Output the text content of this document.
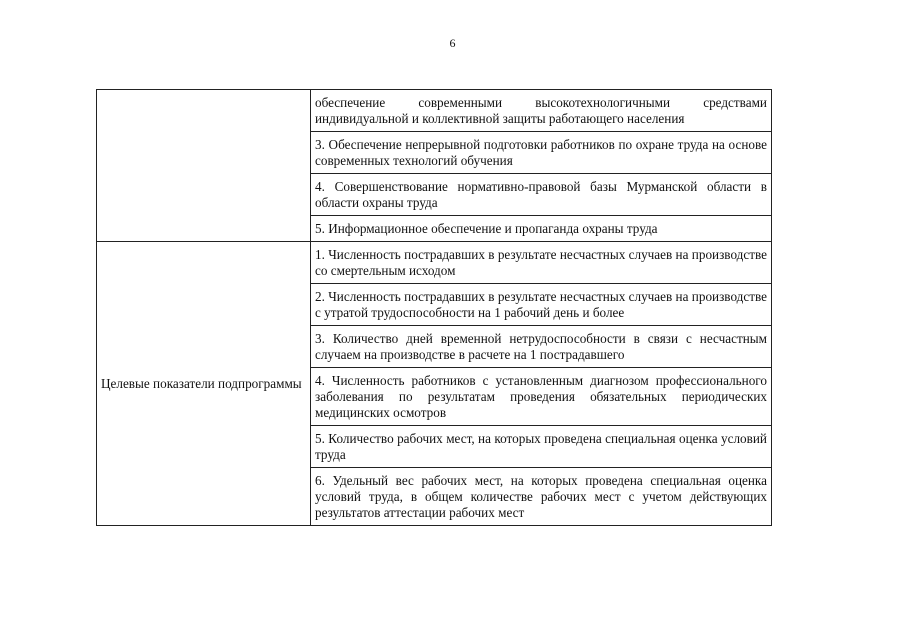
6
	обеспечение современными высокотехнологичными средствами индивидуальной и коллективной защиты работающего населения
	3. Обеспечение непрерывной подготовки работников по охране труда на основе современных технологий обучения
	4. Совершенствование нормативно-правовой базы Мурманской области в области охраны труда
	5. Информационное обеспечение и пропаганда охраны труда
Целевые показатели подпрограммы	1. Численность пострадавших в результате несчастных случаев на производстве со смертельным исходом
	2. Численность пострадавших в результате несчастных случаев на производстве с утратой трудоспособности на 1 рабочий день и более
	3. Количество дней временной нетрудоспособности в связи с несчастным случаем на производстве в расчете на 1 пострадавшего
	4. Численность работников с установленным диагнозом профессионального заболевания по результатам проведения обязательных периодических медицинских осмотров
	5. Количество рабочих мест, на которых проведена специальная оценка условий труда
	6. Удельный вес рабочих мест, на которых проведена специальная оценка условий труда, в общем количестве рабочих мест с учетом действующих результатов аттестации рабочих мест
